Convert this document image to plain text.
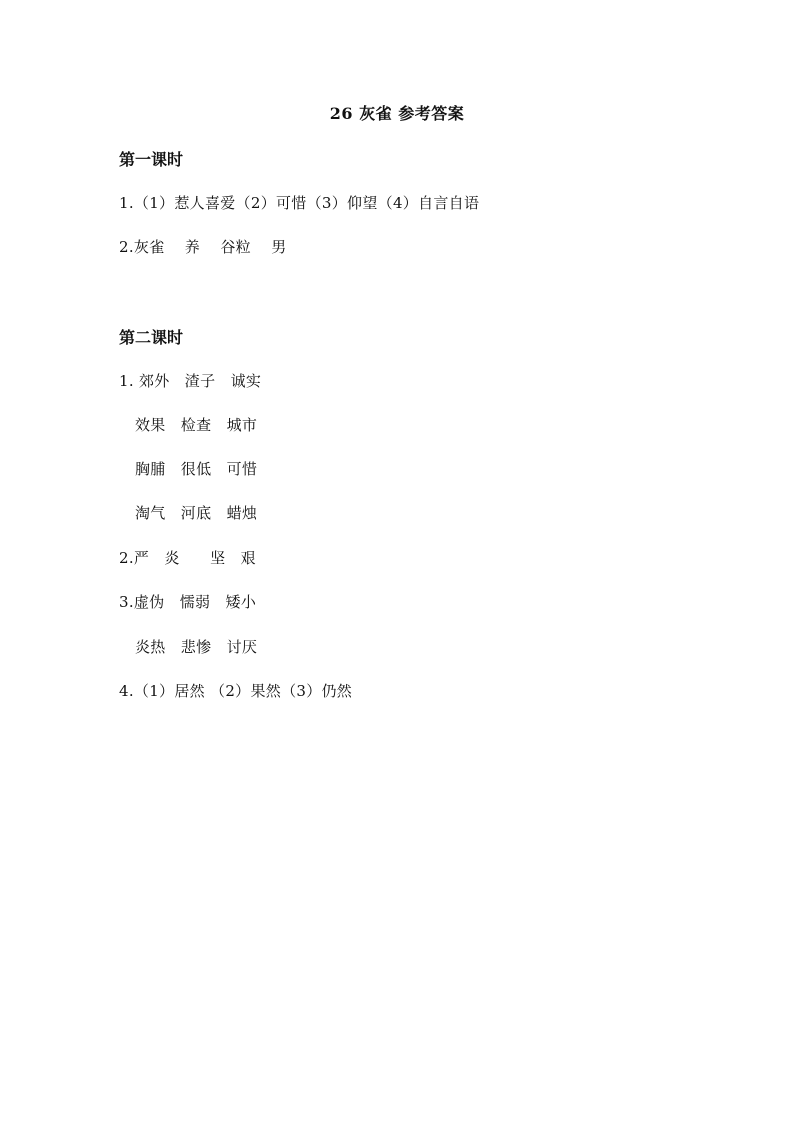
26 灰雀 参考答案
第一课时
1.（1）惹人喜爱（2）可惜（3）仰望（4）自言自语
2.灰雀    养    谷粒    男
第二课时
1. 郊外   渣子   诚实
效果   检查   城市
胸脯   很低   可惜
淘气   河底   蜡烛
2.严   炎      坚   艰
3.虚伪   懦弱   矮小
炎热   悲惨   讨厌
4.（1）居然 （2）果然（3）仍然
